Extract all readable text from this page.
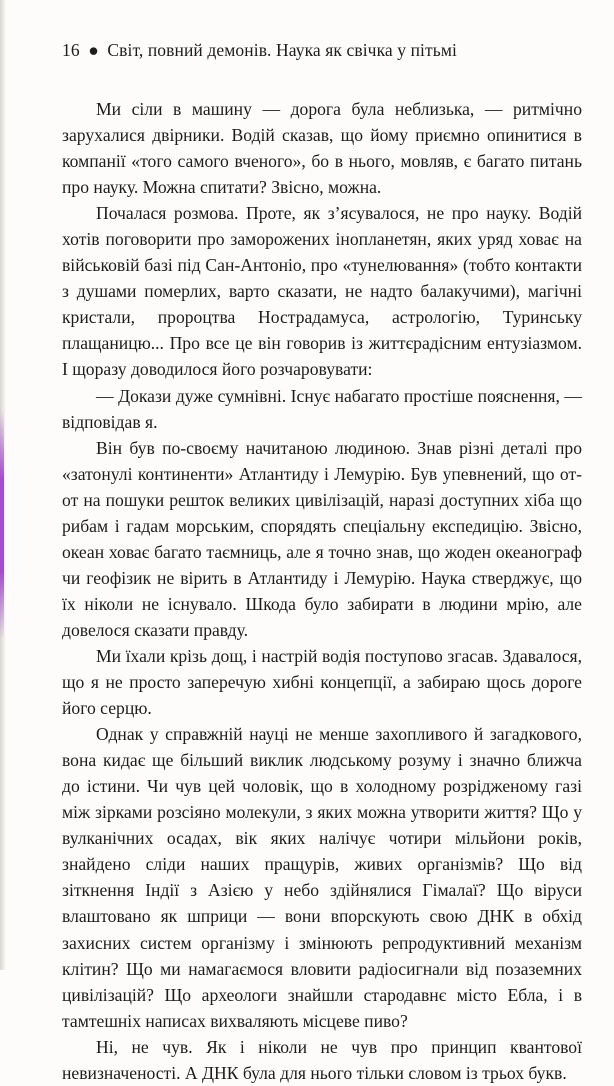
16 ● Світ, повний демонів. Наука як свічка у пітьмі

Ми сіли в машину — дорога була неблизька, — ритмічно заруxалися двірники. Водій сказав, що йому приємно опинитися в компанії «того самого вченого», бо в нього, мовляв, є багато питань про науку. Можна спитати? Звісно, можна.

Почалася розмова. Проте, як з’ясувалося, не про науку. Водій хотів поговорити про заморожених інопланетян, яких уряд ховає на військовій базі під Сан-Антоніо, про «тунелювання» (тобто контакти з душами померлих, варто сказати, не надто балакучими), магічні кристали, пророцтва Нострадамуса, астрологію, Туринську плащаницю... Про все це він говорив із життєрадісним ентузіазмом. І щоразу доводилося його розчаровувати:

— Докази дуже сумнівні. Існує набагато простіше пояснення, — відповідав я.

Він був по-своєму начитаною людиною. Знав різні деталі про «затонулі континенти» Атлантиду і Лемурію. Був упевнений, що от-от на пошуки решток великих цивілізацій, наразі доступних хіба що рибам і гадам морським, спорядять спеціальну експедицію. Звісно, океан ховає багато таємниць, але я точно знав, що жоден океанограф чи геофізик не вірить в Атлантиду і Лемурію. Наука стверджує, що їх ніколи не існувало. Шкода було забирати в людини мрію, але довелося сказати правду.

Ми їхали крізь дощ, і настрій водія поступово згасав. Здавалося, що я не просто заперечую хибні концепції, а забираю щось дороге його серцю.

Однак у справжній науці не менше захопливого й загадкового, вона кидає ще більший виклик людському розуму і значно ближча до істини. Чи чув цей чоловік, що в холодному розрідженому газі між зірками розсіяно молекули, з яких можна утворити життя? Що у вулканічних осадах, вік яких налічує чотири мільйони років, знайдено сліди наших пращурів, живих організмів? Що від зіткнення Індії з Азією у небо здійнялися Гімалаї? Що віруси влаштовано як шприци — вони впорскують свою ДНК в обхід захисних систем організму і змінюють репродуктивний механізм клітин? Що ми намагаємося вловити радіосигнали від позаземних цивілізацій? Що археологи знайшли стародавнє місто Ебла, і в тамтешніх написах вихваляють місцеве пиво?

Ні, не чув. Як і ніколи не чув про принцип квантової невизначеності. А ДНК була для нього тільки словом із трьох букв.
